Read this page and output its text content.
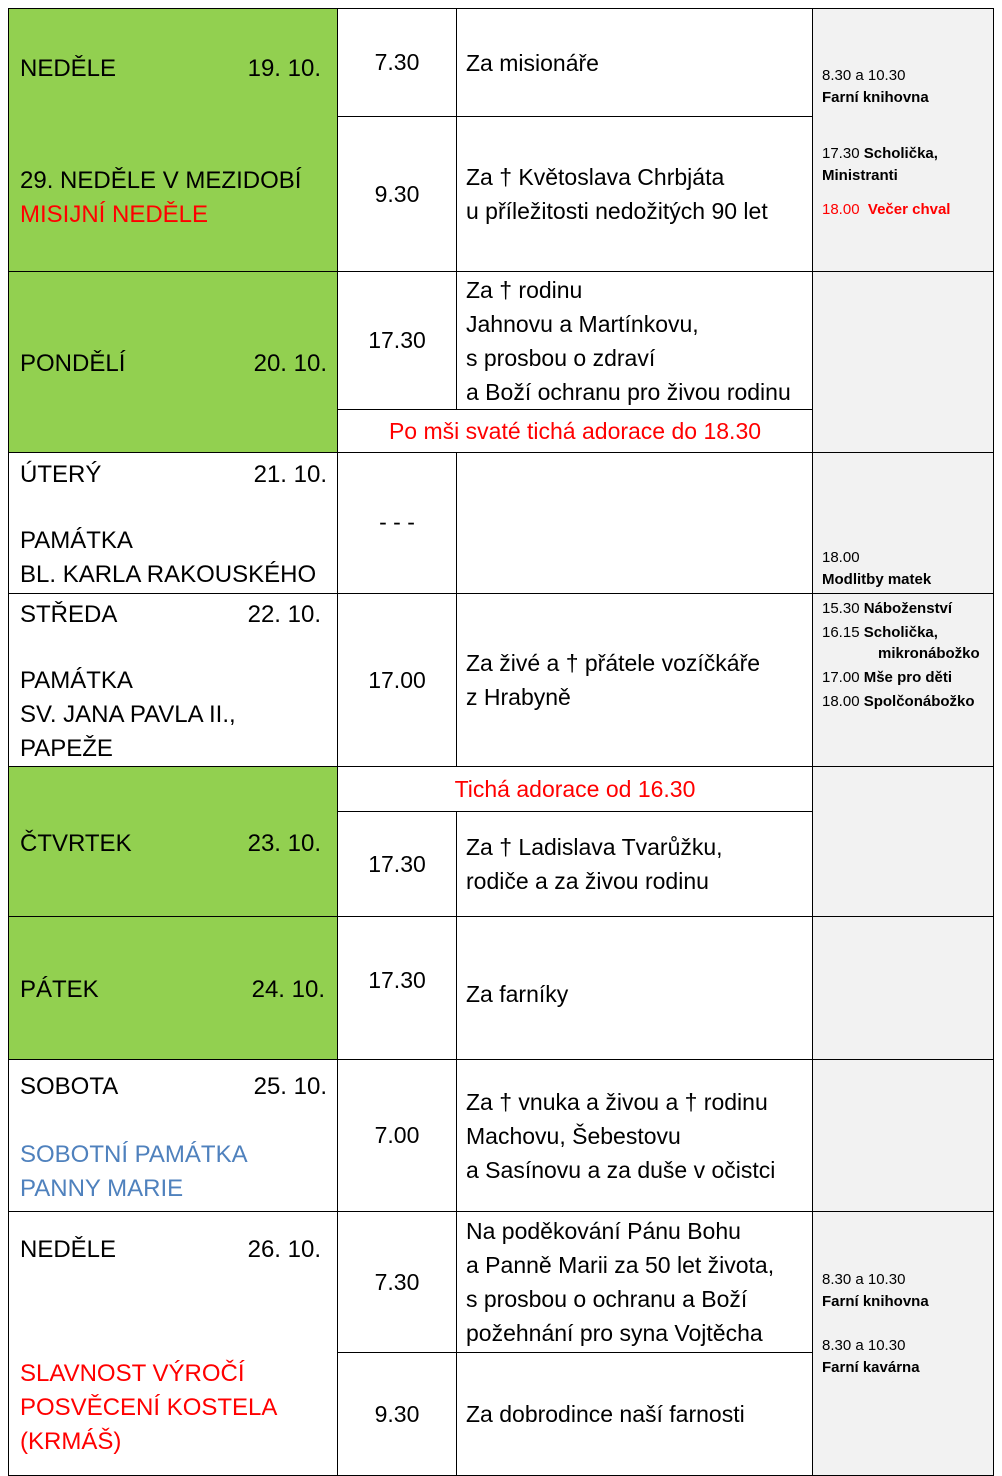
NEDĚLE 19. 10.
29. NEDĚLE V MEZIDOBÍ
MISIJNÍ NEDĚLE	7.30	Za misionáře	8.30 a 10.30
Farní knihovna
17.30 Scholička,
Ministranti
18.00 Večer chval

	9.30	Za † Květoslava Chrbjáta
u příležitosti nedožitých 90 let	

PONDĚLÍ 20. 10.	17.30	Za † rodinu
Jahnovu a Martínkovu,
s prosbou o zdraví
a Boží ochranu pro živou rodinu	

	Po mši svaté tichá adorace do 18.30		

ÚTERÝ 21. 10.
PAMÁTKA
BL. KARLA RAKOUSKÉHO	- - -		18.00
Modlitby matek

STŘEDA 22. 10.
PAMÁTKA
SV. JANA PAVLA II., PAPEŽE	17.00	Za živé a † přátele vozíčkáře
z Hrabyně	15.30 Náboženství
16.15 Scholička,
mikronábožko
17.00 Mše pro děti
18.00 Spolčonábožko

ČTVRTEK 23. 10.	Tichá adorace od 16.30		
	17.30	Za † Ladislava Tvarůžku,
rodiče a za živou rodinu	

PÁTEK 24. 10.	17.30	Za farníky	

SOBOTA 25. 10.
SOBOTNÍ PAMÁTKA
PANNY MARIE	7.00	Za † vnuka a živou a † rodinu
Machovu, Šebestovu
a Sasínovu a za duše v očistci	

NEDĚLE 26. 10.
SLAVNOST VÝROČÍ
POSVĚCENÍ KOSTELA
(KRMÁŠ)	7.30	Na poděkování Pánu Bohu
a Panně Marii za 50 let života,
s prosbou o ochranu a Boží
požehnání pro syna Vojtěcha	8.30 a 10.30
Farní knihovna
8.30 a 10.30
Farní kavárna

	9.30	Za dobrodince naší farnosti	
